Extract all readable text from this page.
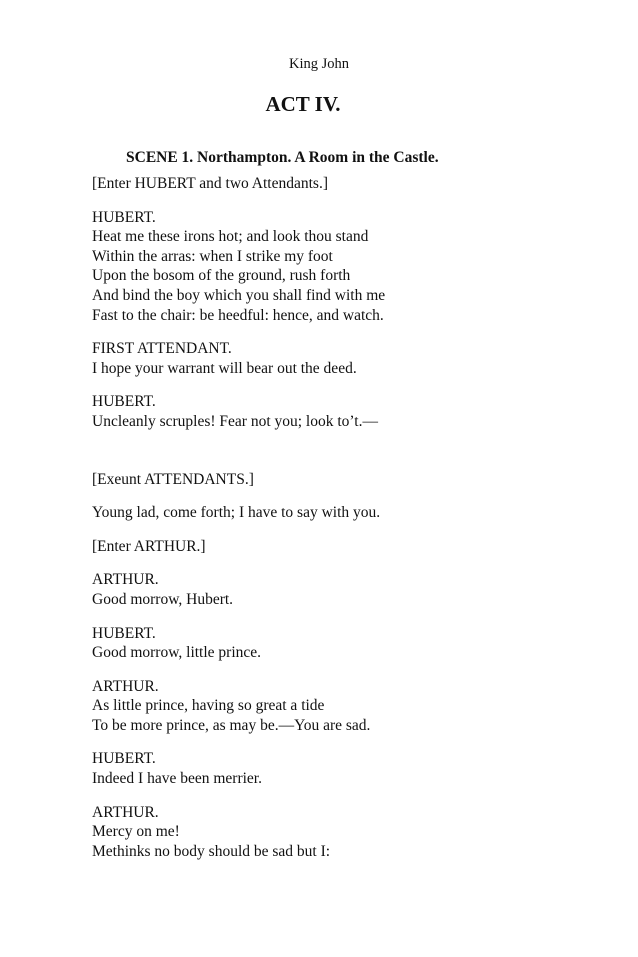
King John
ACT IV.
SCENE 1. Northampton. A Room in the Castle.
[Enter HUBERT and two Attendants.]
HUBERT.
Heat me these irons hot; and look thou stand
Within the arras: when I strike my foot
Upon the bosom of the ground, rush forth
And bind the boy which you shall find with me
Fast to the chair: be heedful: hence, and watch.
FIRST ATTENDANT.
I hope your warrant will bear out the deed.
HUBERT.
Uncleanly scruples! Fear not you; look to’t.—
[Exeunt ATTENDANTS.]
Young lad, come forth; I have to say with you.
[Enter ARTHUR.]
ARTHUR.
Good morrow, Hubert.
HUBERT.
Good morrow, little prince.
ARTHUR.
As little prince, having so great a tide
To be more prince, as may be.—You are sad.
HUBERT.
Indeed I have been merrier.
ARTHUR.
Mercy on me!
Methinks no body should be sad but I:
